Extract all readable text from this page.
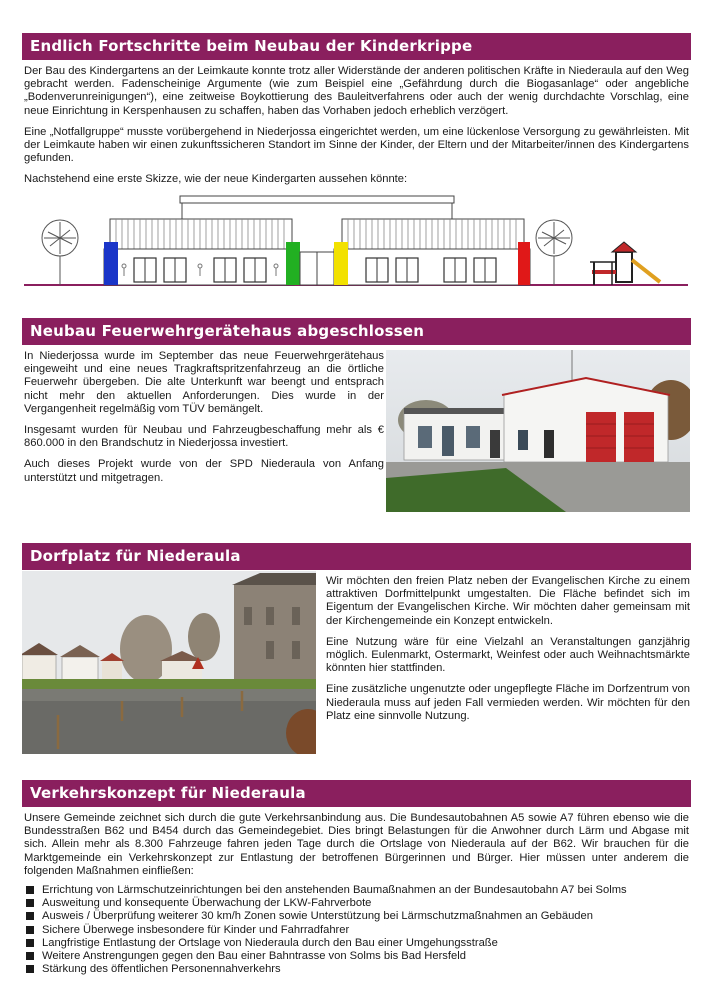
Endlich Fortschritte beim Neubau der Kinderkrippe

Der Bau des Kindergartens an der Leimkaute konnte trotz aller Widerstände der anderen politischen Kräfte in Niederaula auf den Weg gebracht werden. Fadenscheinige Argumente (wie zum Beispiel eine „Gefährdung durch die Biogasanlage“ oder angebliche „Bodenverunreinigungen“), eine zeitweise Boykottierung des Bauleitverfahrens oder auch der wenig durchdachte Vorschlag, eine neue Einrichtung in Kerspenhausen zu schaffen, haben das Vorhaben jedoch erheblich verzögert.

Eine „Notfallgruppe“ musste vorübergehend in Niederjossa eingerichtet werden, um eine lückenlose Versorgung zu gewährleisten. Mit der Leimkaute haben wir einen zukunftssicheren Standort im Sinne der Kinder, der Eltern und der Mitarbeiter/innen des Kindergartens gefunden.

Nachstehend eine erste Skizze, wie der neue Kindergarten aussehen könnte:

Neubau Feuerwehrgerätehaus abgeschlossen

In Niederjossa wurde im September das neue Feuerwehrgerätehaus eingeweiht und eine neues Tragkraftspritzenfahrzeug an die örtliche Feuerwehr übergeben. Die alte Unterkunft war beengt und entsprach nicht mehr den aktuellen Anforderungen. Dies wurde in der Vergangenheit regelmäßig vom TÜV bemängelt.

Insgesamt wurden für Neubau und Fahrzeugbeschaffung mehr als € 860.000 in den Brandschutz in Niederjossa investiert.

Auch dieses Projekt wurde von der SPD Niederaula von Anfang unterstützt und mitgetragen.

Dorfplatz für Niederaula

Wir möchten den freien Platz neben der Evangelischen Kirche zu einem attraktiven Dorfmittelpunkt umgestalten. Die Fläche befindet sich im Eigentum der Evangelischen Kirche. Wir möchten daher gemeinsam mit der Kirchengemeinde ein Konzept entwickeln.

Eine Nutzung wäre für eine Vielzahl an Veranstaltungen ganzjährig möglich. Eulenmarkt, Ostermarkt, Weinfest oder auch Weihnachtsmärkte könnten hier stattfinden.

Eine zusätzliche ungenutzte oder ungepflegte Fläche im Dorfzentrum von Niederaula muss auf jeden Fall vermieden werden. Wir möchten für den Platz eine sinnvolle Nutzung.

Verkehrskonzept für Niederaula

Unsere Gemeinde zeichnet sich durch die gute Verkehrsanbindung aus. Die Bundesautobahnen A5 sowie A7 führen ebenso wie die Bundesstraßen B62 und B454 durch das Gemeindegebiet. Dies bringt Belastungen für die Anwohner durch Lärm und Abgase mit sich. Allein mehr als 8.300 Fahrzeuge fahren jeden Tage durch die Ortslage von Niederaula auf der B62. Wir brauchen für die Marktgemeinde ein Verkehrskonzept zur Entlastung der betroffenen Bürgerinnen und Bürger. Hier müssen unter anderem die folgenden Maßnahmen einfließen:

Errichtung von Lärmschutzeinrichtungen bei den anstehenden Baumaßnahmen an der Bundesautobahn A7 bei Solms
Ausweitung und konsequente Überwachung der LKW-Fahrverbote
Ausweis / Überprüfung weiterer 30 km/h Zonen sowie Unterstützung bei Lärmschutzmaßnahmen an Gebäuden
Sichere Überwege insbesondere für Kinder und Fahrradfahrer
Langfristige Entlastung der Ortslage von Niederaula durch den Bau einer Umgehungsstraße
Weitere Anstrengungen gegen den Bau einer Bahntrasse von Solms bis Bad Hersfeld
Stärkung des öffentlichen Personennahverkehrs
